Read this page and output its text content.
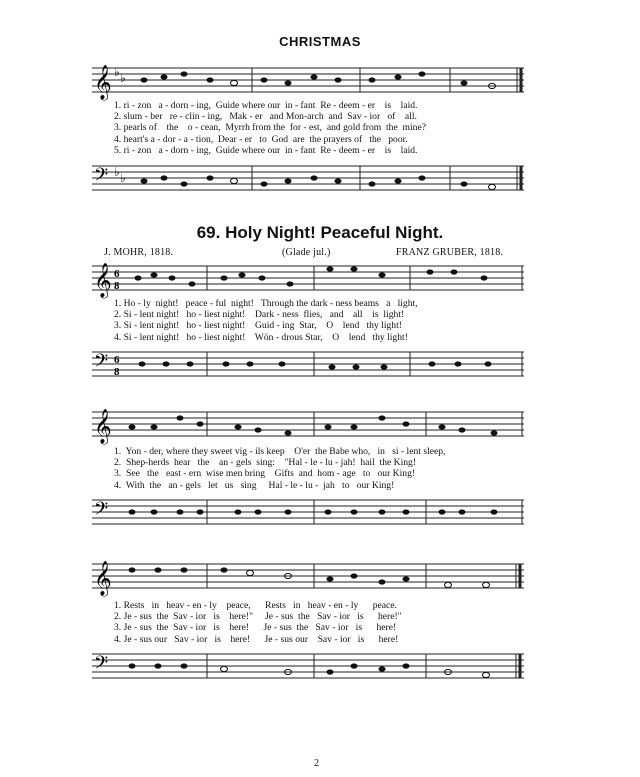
CHRISTMAS
𝄞 ♭ ♭
1. ri - zon   a - dorn - ing,  Guide where our  in - fant  Re - deem - er    is    laid.
2. slum - ber   re - clin - ing,   Mak - er   and Mon-arch  and  Sav - ior   of    all.
3. pearls of    the    o - cean,  Myrrh from the  for - est,  and gold from  the  mine?
4. heart's a - dor - a - tion,  Dear - er   to  God  are  the prayers of   the   poor.
5. ri - zon   a - dorn - ing,  Guide where our  in - fant  Re - deem - er    is    laid.
𝄢 ♭ ♭
69. Holy Night! Peaceful Night.
J. MOHR, 1818.	(Glade jul.)	FRANZ GRUBER, 1818.
𝄞 6
8
1. Ho - ly  night!   peace - ful  night!   Through the dark - ness beams   a   light,
2. Si - lent night!   ho - liest night!    Dark - ness  flies,   and    all    is  light!
3. Si - lent night!   ho - liest night!    Guid - ing  Star,    O    lend   thy light!
4. Si - lent night!   ho - liest night!    Wön - drous Star,    O    lend   thy light!
𝄢 6
8
𝄞
1.  Yon - der, where they sweet vig - ils keep    O'er  the Babe who,   in   si - lent sleep,
2.  Shep-herds  hear   the    an - gels  sing:    "Hal - le - lu - jah!  hail  the King!
3.  See   the   east - ern  wise men bring    Gifts  and  hom - age   to   our King!
4.  With  the   an - gels   let   us   sing     Hal - le - lu -  jah   to   our King!
𝄢
𝄞
1. Rests   in   heav - en - ly    peace,      Rests   in   heav - en - ly      peace.
2. Je - sus  the  Sav - ior   is    here!"     Je - sus  the   Sav - ior   is      here!"
3. Je - sus  the  Sav - ior   is    here!      Je - sus  the   Sav - ior   is      here!
4. Je - sus our   Sav - ior   is    here!      Je - sus our    Sav - ior   is      here!
𝄢
2
